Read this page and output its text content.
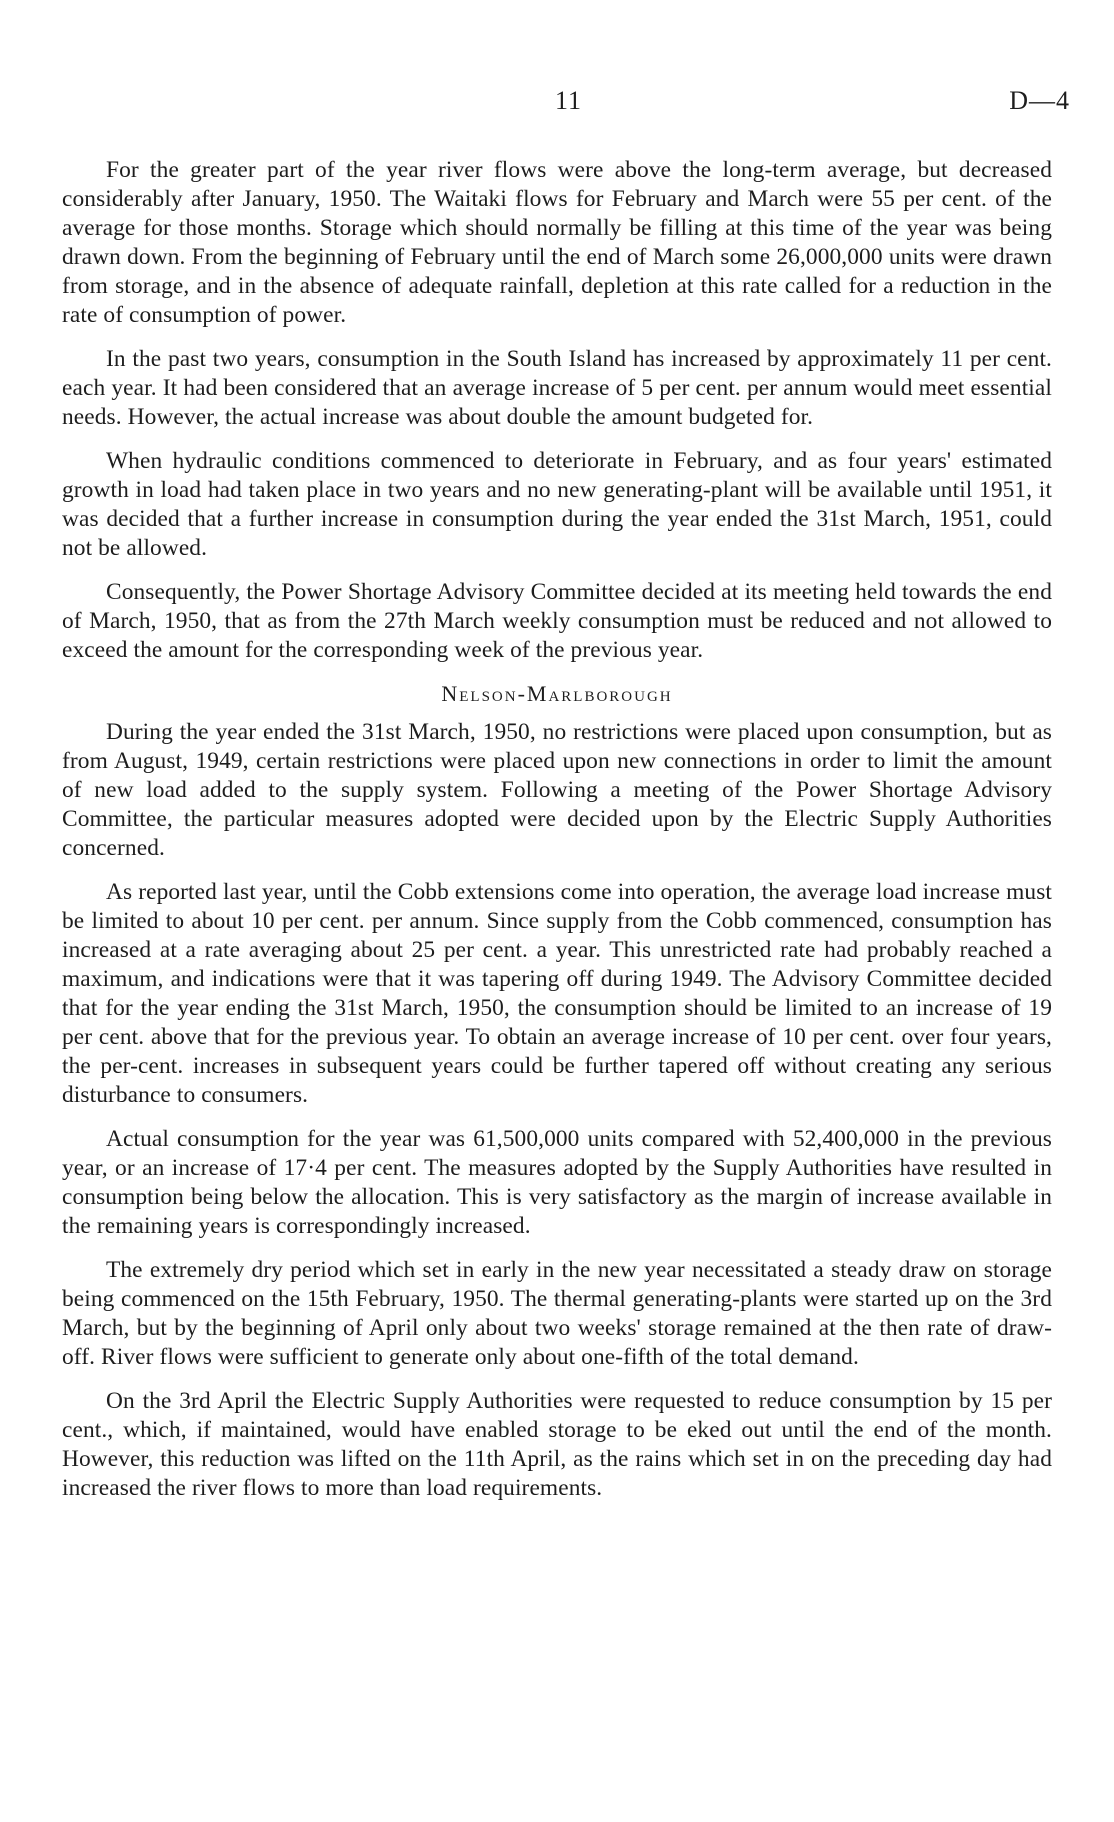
11	D—4

For the greater part of the year river flows were above the long-term average, but decreased considerably after January, 1950. The Waitaki flows for February and March were 55 per cent. of the average for those months. Storage which should normally be filling at this time of the year was being drawn down. From the beginning of February until the end of March some 26,000,000 units were drawn from storage, and in the absence of adequate rainfall, depletion at this rate called for a reduction in the rate of consumption of power.

In the past two years, consumption in the South Island has increased by approximately 11 per cent. each year. It had been considered that an average increase of 5 per cent. per annum would meet essential needs. However, the actual increase was about double the amount budgeted for.

When hydraulic conditions commenced to deteriorate in February, and as four years' estimated growth in load had taken place in two years and no new generating-plant will be available until 1951, it was decided that a further increase in consumption during the year ended the 31st March, 1951, could not be allowed.

Consequently, the Power Shortage Advisory Committee decided at its meeting held towards the end of March, 1950, that as from the 27th March weekly consumption must be reduced and not allowed to exceed the amount for the corresponding week of the previous year.

Nelson-Marlborough

During the year ended the 31st March, 1950, no restrictions were placed upon consumption, but as from August, 1949, certain restrictions were placed upon new connections in order to limit the amount of new load added to the supply system. Following a meeting of the Power Shortage Advisory Committee, the particular measures adopted were decided upon by the Electric Supply Authorities concerned.

As reported last year, until the Cobb extensions come into operation, the average load increase must be limited to about 10 per cent. per annum. Since supply from the Cobb commenced, consumption has increased at a rate averaging about 25 per cent. a year. This unrestricted rate had probably reached a maximum, and indications were that it was tapering off during 1949. The Advisory Committee decided that for the year ending the 31st March, 1950, the consumption should be limited to an increase of 19 per cent. above that for the previous year. To obtain an average increase of 10 per cent. over four years, the per-cent. increases in subsequent years could be further tapered off without creating any serious disturbance to consumers.

Actual consumption for the year was 61,500,000 units compared with 52,400,000 in the previous year, or an increase of 17·4 per cent. The measures adopted by the Supply Authorities have resulted in consumption being below the allocation. This is very satisfactory as the margin of increase available in the remaining years is correspondingly increased.

The extremely dry period which set in early in the new year necessitated a steady draw on storage being commenced on the 15th February, 1950. The thermal generating-plants were started up on the 3rd March, but by the beginning of April only about two weeks' storage remained at the then rate of draw-off. River flows were sufficient to generate only about one-fifth of the total demand.

On the 3rd April the Electric Supply Authorities were requested to reduce consumption by 15 per cent., which, if maintained, would have enabled storage to be eked out until the end of the month. However, this reduction was lifted on the 11th April, as the rains which set in on the preceding day had increased the river flows to more than load requirements.
